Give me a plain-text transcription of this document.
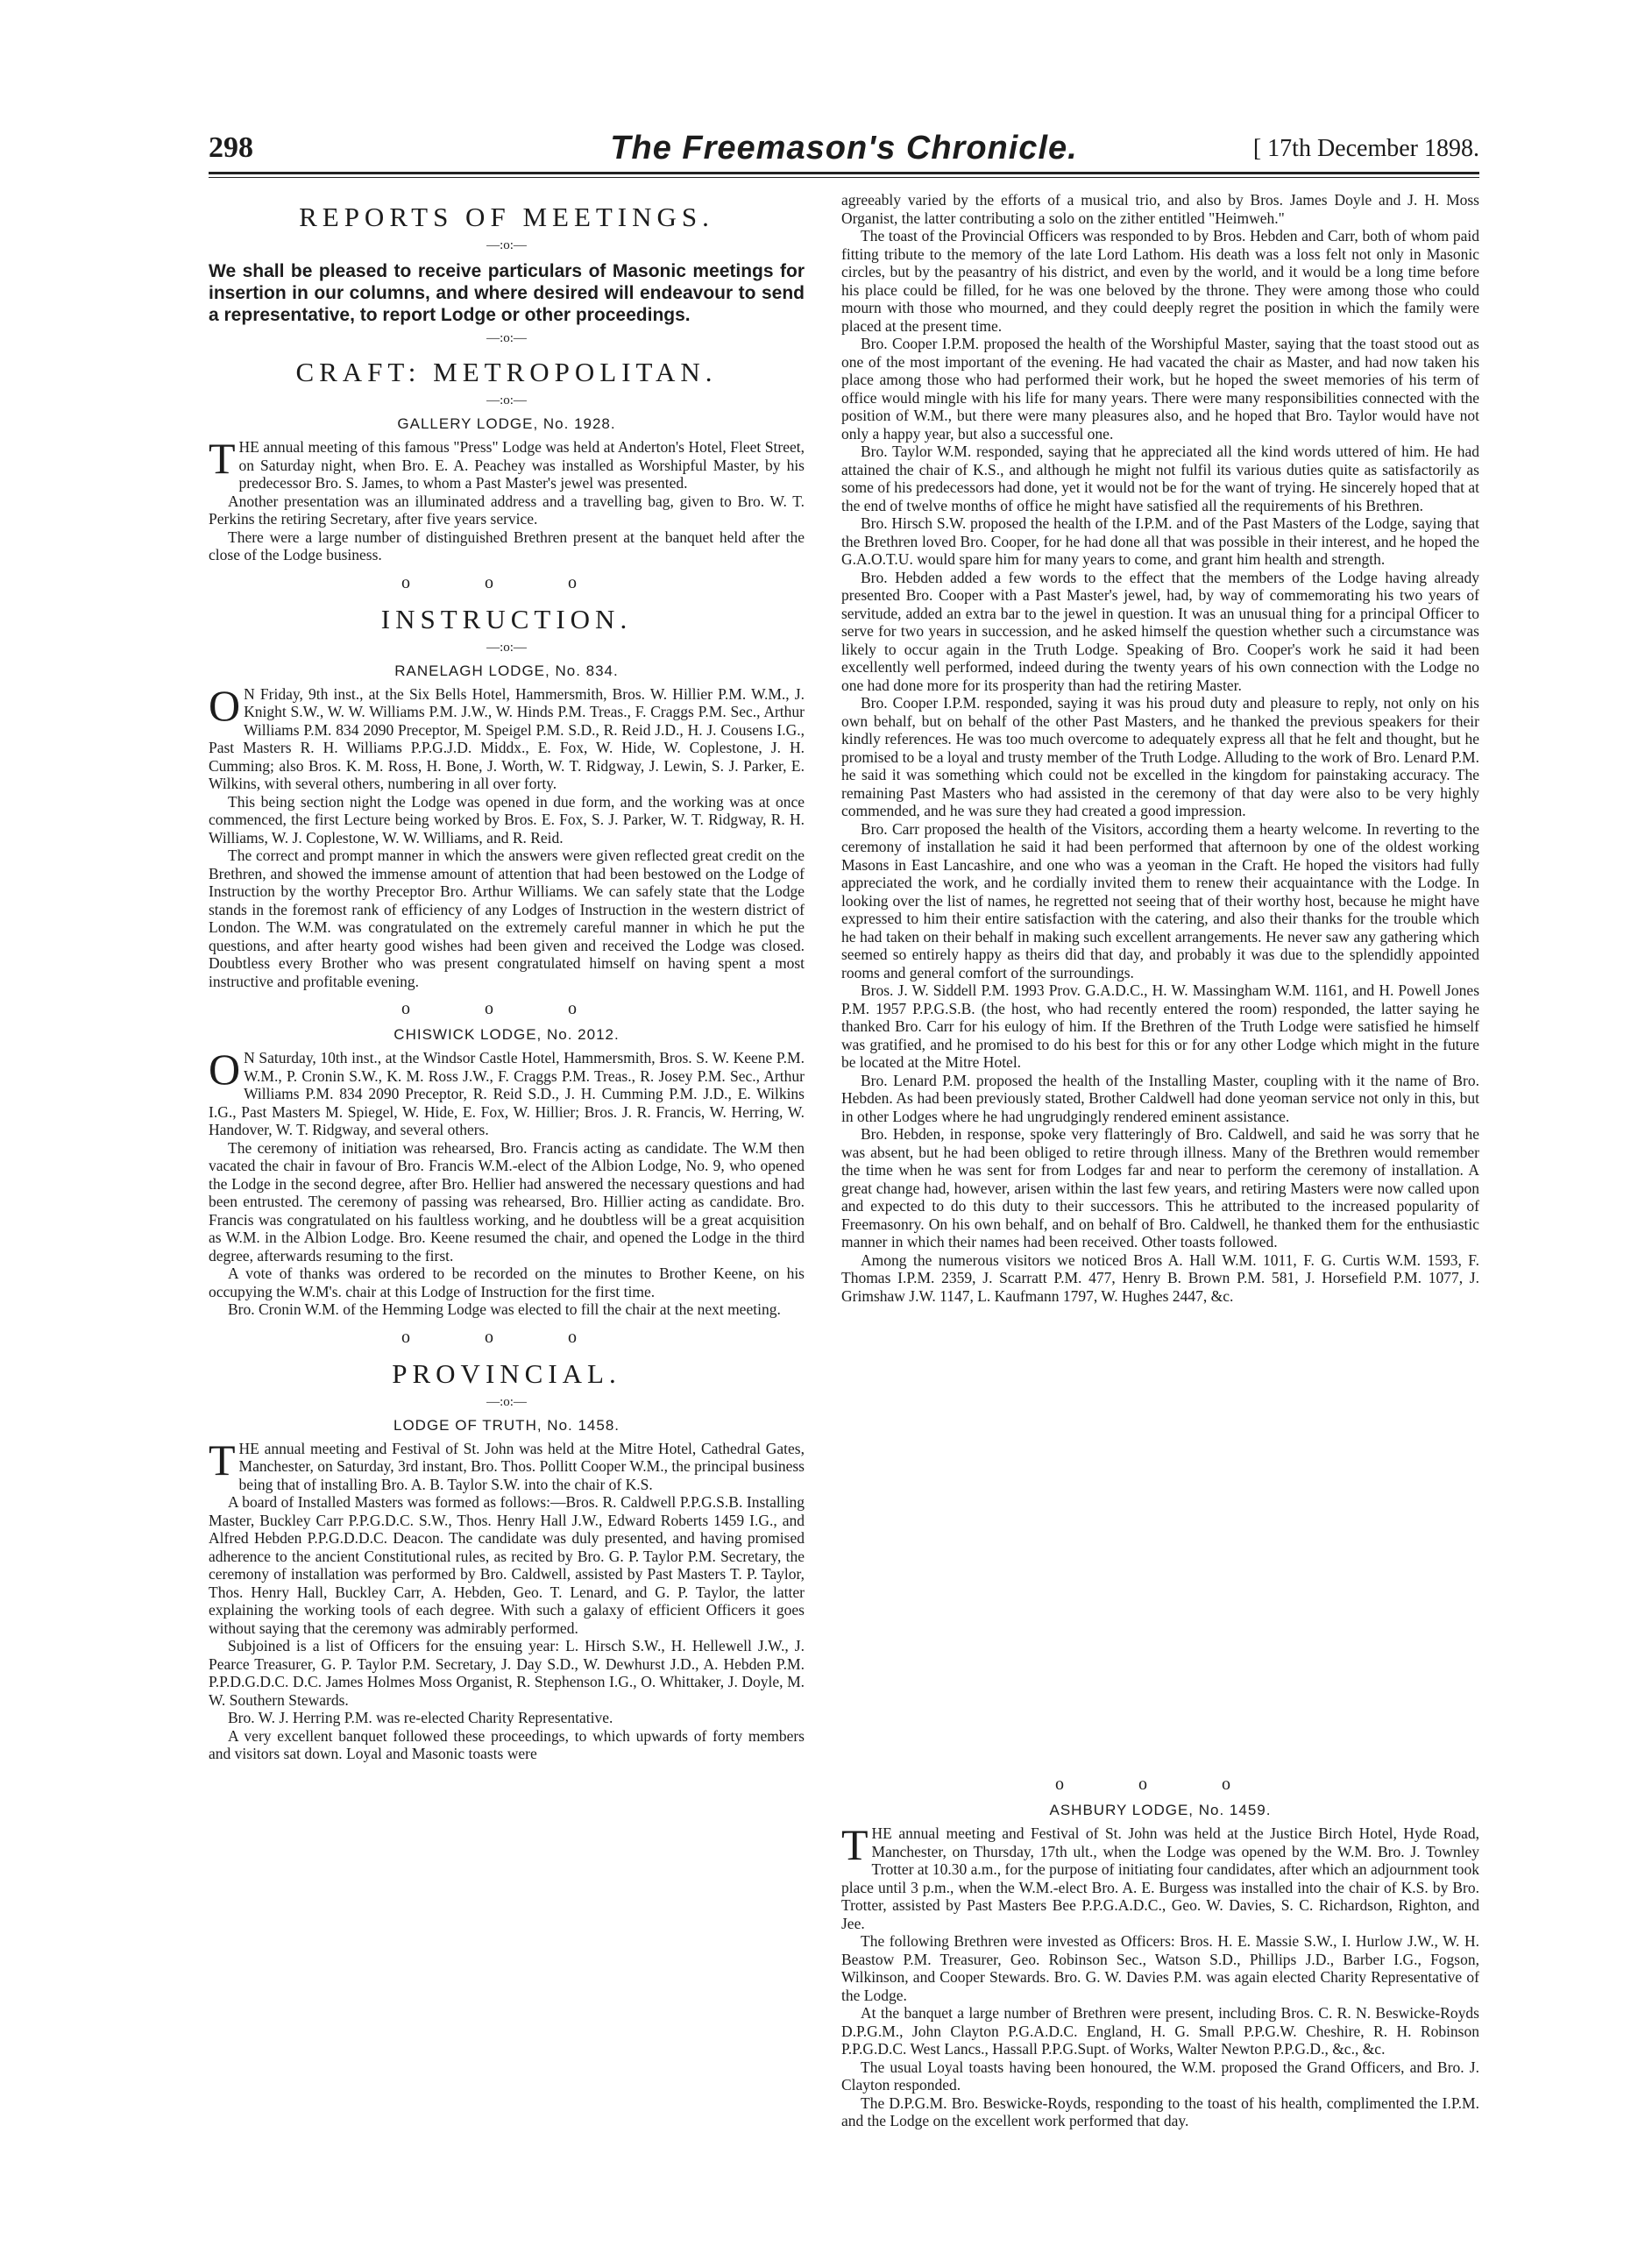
298	The Freemason's Chronicle.	[ 17th December 1898.
REPORTS OF MEETINGS.
—:o:—
We shall be pleased to receive particulars of Masonic meetings for insertion in our columns, and where desired will endeavour to send a representative, to report Lodge or other proceedings.
—:o:—
CRAFT: METROPOLITAN.
—:o:—
GALLERY LODGE, No. 1928.

THE annual meeting of this famous "Press" Lodge was held at Anderton's Hotel, Fleet Street, on Saturday night, when Bro. E. A. Peachey was installed as Worshipful Master, by his predecessor Bro. S. James, to whom a Past Master's jewel was presented.

Another presentation was an illuminated address and a travelling bag, given to Bro. W. T. Perkins the retiring Secretary, after five years service.

There were a large number of distinguished Brethren present at the banquet held after the close of the Lodge business.

o o o
INSTRUCTION.
—:o:—
RANELAGH LODGE, No. 834.

O N Friday, 9th inst., at the Six Bells Hotel, Hammersmith, Bros. W. Hillier P.M. W.M., J. Knight S.W., W. W. Williams P.M. J.W., W. Hinds P.M. Treas., F. Craggs P.M. Sec., Arthur Williams P.M. 834 2090 Preceptor, M. Speigel P.M. S.D., R. Reid J.D., H. J. Cousens I.G., Past Masters R. H. Williams P.P.G.J.D. Middx., E. Fox, W. Hide, W. Coplestone, J. H. Cumming; also Bros. K. M. Ross, H. Bone, J. Worth, W. T. Ridgway, J. Lewin, S. J. Parker, E. Wilkins, with several others, numbering in all over forty.

This being section night the Lodge was opened in due form, and the working was at once commenced, the first Lecture being worked by Bros. E. Fox, S. J. Parker, W. T. Ridgway, R. H. Williams, W. J. Coplestone, W. W. Williams, and R. Reid.

The correct and prompt manner in which the answers were given reflected great credit on the Brethren, and showed the immense amount of attention that had been bestowed on the Lodge of Instruction by the worthy Preceptor Bro. Arthur Williams. We can safely state that the Lodge stands in the foremost rank of efficiency of any Lodges of Instruction in the western district of London. The W.M. was congratulated on the extremely careful manner in which he put the questions, and after hearty good wishes had been given and received the Lodge was closed. Doubtless every Brother who was present congratulated himself on having spent a most instructive and profitable evening.

o o o
CHISWICK LODGE, No. 2012.

O N Saturday, 10th inst., at the Windsor Castle Hotel, Hammersmith, Bros. S. W. Keene P.M. W.M., P. Cronin S.W., K. M. Ross J.W., F. Craggs P.M. Treas., R. Josey P.M. Sec., Arthur Williams P.M. 834 2090 Preceptor, R. Reid S.D., J. H. Cumming P.M. J.D., E. Wilkins I.G., Past Masters M. Spiegel, W. Hide, E. Fox, W. Hillier; Bros. J. R. Francis, W. Herring, W. Handover, W. T. Ridgway, and several others.

The ceremony of initiation was rehearsed, Bro. Francis acting as candidate. The W.M then vacated the chair in favour of Bro. Francis W.M.-elect of the Albion Lodge, No. 9, who opened the Lodge in the second degree, after Bro. Hellier had answered the necessary questions and had been entrusted. The ceremony of passing was rehearsed, Bro. Hillier acting as candidate. Bro. Francis was congratulated on his faultless working, and he doubtless will be a great acquisition as W.M. in the Albion Lodge. Bro. Keene resumed the chair, and opened the Lodge in the third degree, afterwards resuming to the first.

A vote of thanks was ordered to be recorded on the minutes to Brother Keene, on his occupying the W.M's. chair at this Lodge of Instruction for the first time.

Bro. Cronin W.M. of the Hemming Lodge was elected to fill the chair at the next meeting.

o o o
PROVINCIAL.
—:o:—
LODGE OF TRUTH, No. 1458.

THE annual meeting and Festival of St. John was held at the Mitre Hotel, Cathedral Gates, Manchester, on Saturday, 3rd instant, Bro. Thos. Pollitt Cooper W.M., the principal business being that of installing Bro. A. B. Taylor S.W. into the chair of K.S.

A board of Installed Masters was formed as follows:—Bros. R. Caldwell P.P.G.S.B. Installing Master, Buckley Carr P.P.G.D.C. S.W., Thos. Henry Hall J.W., Edward Roberts 1459 I.G., and Alfred Hebden P.P.G.D.D.C. Deacon. The candidate was duly presented, and having promised adherence to the ancient Constitutional rules, as recited by Bro. G. P. Taylor P.M. Secretary, the ceremony of installation was performed by Bro. Caldwell, assisted by Past Masters T. P. Taylor, Thos. Henry Hall, Buckley Carr, A. Hebden, Geo. T. Lenard, and G. P. Taylor, the latter explaining the working tools of each degree. With such a galaxy of efficient Officers it goes without saying that the ceremony was admirably performed.

Subjoined is a list of Officers for the ensuing year: L. Hirsch S.W., H. Hellewell J.W., J. Pearce Treasurer, G. P. Taylor P.M. Secretary, J. Day S.D., W. Dewhurst J.D., A. Hebden P.M. P.P.D.G.D.C. D.C. James Holmes Moss Organist, R. Stephenson I.G., O. Whittaker, J. Doyle, M. W. Southern Stewards.

Bro. W. J. Herring P.M. was re-elected Charity Representative.

A very excellent banquet followed these proceedings, to which upwards of forty members and visitors sat down. Loyal and Masonic toasts were

agreeably varied by the efforts of a musical trio, and also by Bros. James Doyle and J. H. Moss Organist, the latter contributing a solo on the zither entitled "Heimweh."

The toast of the Provincial Officers was responded to by Bros. Hebden and Carr, both of whom paid fitting tribute to the memory of the late Lord Lathom. His death was a loss felt not only in Masonic circles, but by the peasantry of his district, and even by the world, and it would be a long time before his place could be filled, for he was one beloved by the throne. They were among those who could mourn with those who mourned, and they could deeply regret the position in which the family were placed at the present time.

Bro. Cooper I.P.M. proposed the health of the Worshipful Master, saying that the toast stood out as one of the most important of the evening. He had vacated the chair as Master, and had now taken his place among those who had performed their work, but he hoped the sweet memories of his term of office would mingle with his life for many years. There were many responsibilities connected with the position of W.M., but there were many pleasures also, and he hoped that Bro. Taylor would have not only a happy year, but also a successful one.

Bro. Taylor W.M. responded, saying that he appreciated all the kind words uttered of him. He had attained the chair of K.S., and although he might not fulfil its various duties quite as satisfactorily as some of his predecessors had done, yet it would not be for the want of trying. He sincerely hoped that at the end of twelve months of office he might have satisfied all the requirements of his Brethren.

Bro. Hirsch S.W. proposed the health of the I.P.M. and of the Past Masters of the Lodge, saying that the Brethren loved Bro. Cooper, for he had done all that was possible in their interest, and he hoped the G.A.O.T.U. would spare him for many years to come, and grant him health and strength.

Bro. Hebden added a few words to the effect that the members of the Lodge having already presented Bro. Cooper with a Past Master's jewel, had, by way of commemorating his two years of servitude, added an extra bar to the jewel in question. It was an unusual thing for a principal Officer to serve for two years in succession, and he asked himself the question whether such a circumstance was likely to occur again in the Truth Lodge. Speaking of Bro. Cooper's work he said it had been excellently well performed, indeed during the twenty years of his own connection with the Lodge no one had done more for its prosperity than had the retiring Master.

Bro. Cooper I.P.M. responded, saying it was his proud duty and pleasure to reply, not only on his own behalf, but on behalf of the other Past Masters, and he thanked the previous speakers for their kindly references. He was too much overcome to adequately express all that he felt and thought, but he promised to be a loyal and trusty member of the Truth Lodge. Alluding to the work of Bro. Lenard P.M. he said it was something which could not be excelled in the kingdom for painstaking accuracy. The remaining Past Masters who had assisted in the ceremony of that day were also to be very highly commended, and he was sure they had created a good impression.

Bro. Carr proposed the health of the Visitors, according them a hearty welcome. In reverting to the ceremony of installation he said it had been performed that afternoon by one of the oldest working Masons in East Lancashire, and one who was a yeoman in the Craft. He hoped the visitors had fully appreciated the work, and he cordially invited them to renew their acquaintance with the Lodge. In looking over the list of names, he regretted not seeing that of their worthy host, because he might have expressed to him their entire satisfaction with the catering, and also their thanks for the trouble which he had taken on their behalf in making such excellent arrangements. He never saw any gathering which seemed so entirely happy as theirs did that day, and probably it was due to the splendidly appointed rooms and general comfort of the surroundings.

Bros. J. W. Siddell P.M. 1993 Prov. G.A.D.C., H. W. Massingham W.M. 1161, and H. Powell Jones P.M. 1957 P.P.G.S.B. (the host, who had recently entered the room) responded, the latter saying he thanked Bro. Carr for his eulogy of him. If the Brethren of the Truth Lodge were satisfied he himself was gratified, and he promised to do his best for this or for any other Lodge which might in the future be located at the Mitre Hotel.

Bro. Lenard P.M. proposed the health of the Installing Master, coupling with it the name of Bro. Hebden. As had been previously stated, Brother Caldwell had done yeoman service not only in this, but in other Lodges where he had ungrudgingly rendered eminent assistance.

Bro. Hebden, in response, spoke very flatteringly of Bro. Caldwell, and said he was sorry that he was absent, but he had been obliged to retire through illness. Many of the Brethren would remember the time when he was sent for from Lodges far and near to perform the ceremony of installation. A great change had, however, arisen within the last few years, and retiring Masters were now called upon and expected to do this duty to their successors. This he attributed to the increased popularity of Freemasonry. On his own behalf, and on behalf of Bro. Caldwell, he thanked them for the enthusiastic manner in which their names had been received. Other toasts followed.

Among the numerous visitors we noticed Bros A. Hall W.M. 1011, F. G. Curtis W.M. 1593, F. Thomas I.P.M. 2359, J. Scarratt P.M. 477, Henry B. Brown P.M. 581, J. Horsefield P.M. 1077, J. Grimshaw J.W. 1147, L. Kaufmann 1797, W. Hughes 2447, &c.

o o o
ASHBURY LODGE, No. 1459.

THE annual meeting and Festival of St. John was held at the Justice Birch Hotel, Hyde Road, Manchester, on Thursday, 17th ult., when the Lodge was opened by the W.M. Bro. J. Townley Trotter at 10.30 a.m., for the purpose of initiating four candidates, after which an adjournment took place until 3 p.m., when the W.M.-elect Bro. A. E. Burgess was installed into the chair of K.S. by Bro. Trotter, assisted by Past Masters Bee P.P.G.A.D.C., Geo. W. Davies, S. C. Richardson, Righton, and Jee.

The following Brethren were invested as Officers: Bros. H. E. Massie S.W., I. Hurlow J.W., W. H. Beastow P.M. Treasurer, Geo. Robinson Sec., Watson S.D., Phillips J.D., Barber I.G., Fogson, Wilkinson, and Cooper Stewards. Bro. G. W. Davies P.M. was again elected Charity Representative of the Lodge.

At the banquet a large number of Brethren were present, including Bros. C. R. N. Beswicke-Royds D.P.G.M., John Clayton P.G.A.D.C. England, H. G. Small P.P.G.W. Cheshire, R. H. Robinson P.P.G.D.C. West Lancs., Hassall P.P.G.Supt. of Works, Walter Newton P.P.G.D., &c., &c.

The usual Loyal toasts having been honoured, the W.M. proposed the Grand Officers, and Bro. J. Clayton responded.

The D.P.G.M. Bro. Beswicke-Royds, responding to the toast of his health, complimented the I.P.M. and the Lodge on the excellent work performed that day.
